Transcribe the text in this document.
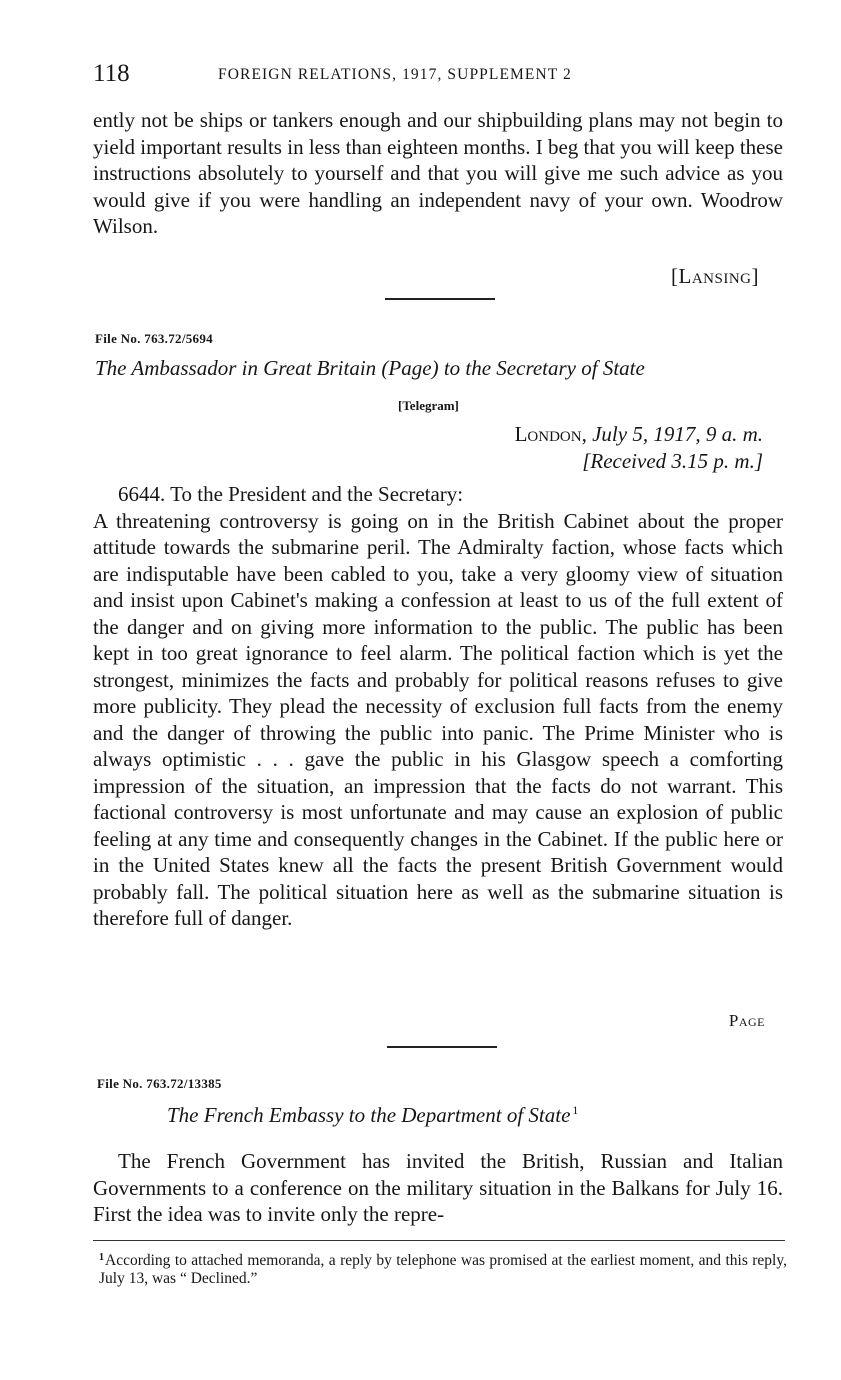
118	FOREIGN RELATIONS, 1917, SUPPLEMENT 2
ently not be ships or tankers enough and our shipbuilding plans may not begin to yield important results in less than eighteen months. I beg that you will keep these instructions absolutely to yourself and that you will give me such advice as you would give if you were handling an independent navy of your own. Woodrow Wilson.
[Lansing]
File No. 763.72/5694
The Ambassador in Great Britain (Page) to the Secretary of State
[Telegram]
London, July 5, 1917, 9 a. m.
[Received 3.15 p. m.]

6644. To the President and the Secretary:

A threatening controversy is going on in the British Cabinet about the proper attitude towards the submarine peril. The Admiralty faction, whose facts which are indisputable have been cabled to you, take a very gloomy view of situation and insist upon Cabinet's making a confession at least to us of the full extent of the danger and on giving more information to the public. The public has been kept in too great ignorance to feel alarm. The political faction which is yet the strongest, minimizes the facts and probably for political reasons refuses to give more publicity. They plead the necessity of exclusion full facts from the enemy and the danger of throwing the public into panic. The Prime Minister who is always optimistic . . . gave the public in his Glasgow speech a comforting impression of the situation, an impression that the facts do not warrant. This factional controversy is most unfortunate and may cause an explosion of public feeling at any time and consequently changes in the Cabinet. If the public here or in the United States knew all the facts the present British Government would probably fall. The political situation here as well as the submarine situation is therefore full of danger.

Page
File No. 763.72/13385
The French Embassy to the Department of State $^1$
The French Government has invited the British, Russian and Italian Governments to a conference on the military situation in the Balkans for July 16. First the idea was to invite only the repre-

$^1$According to attached memoranda, a reply by telephone was promised at the earliest moment, and this reply, July 13, was “ Declined.”
